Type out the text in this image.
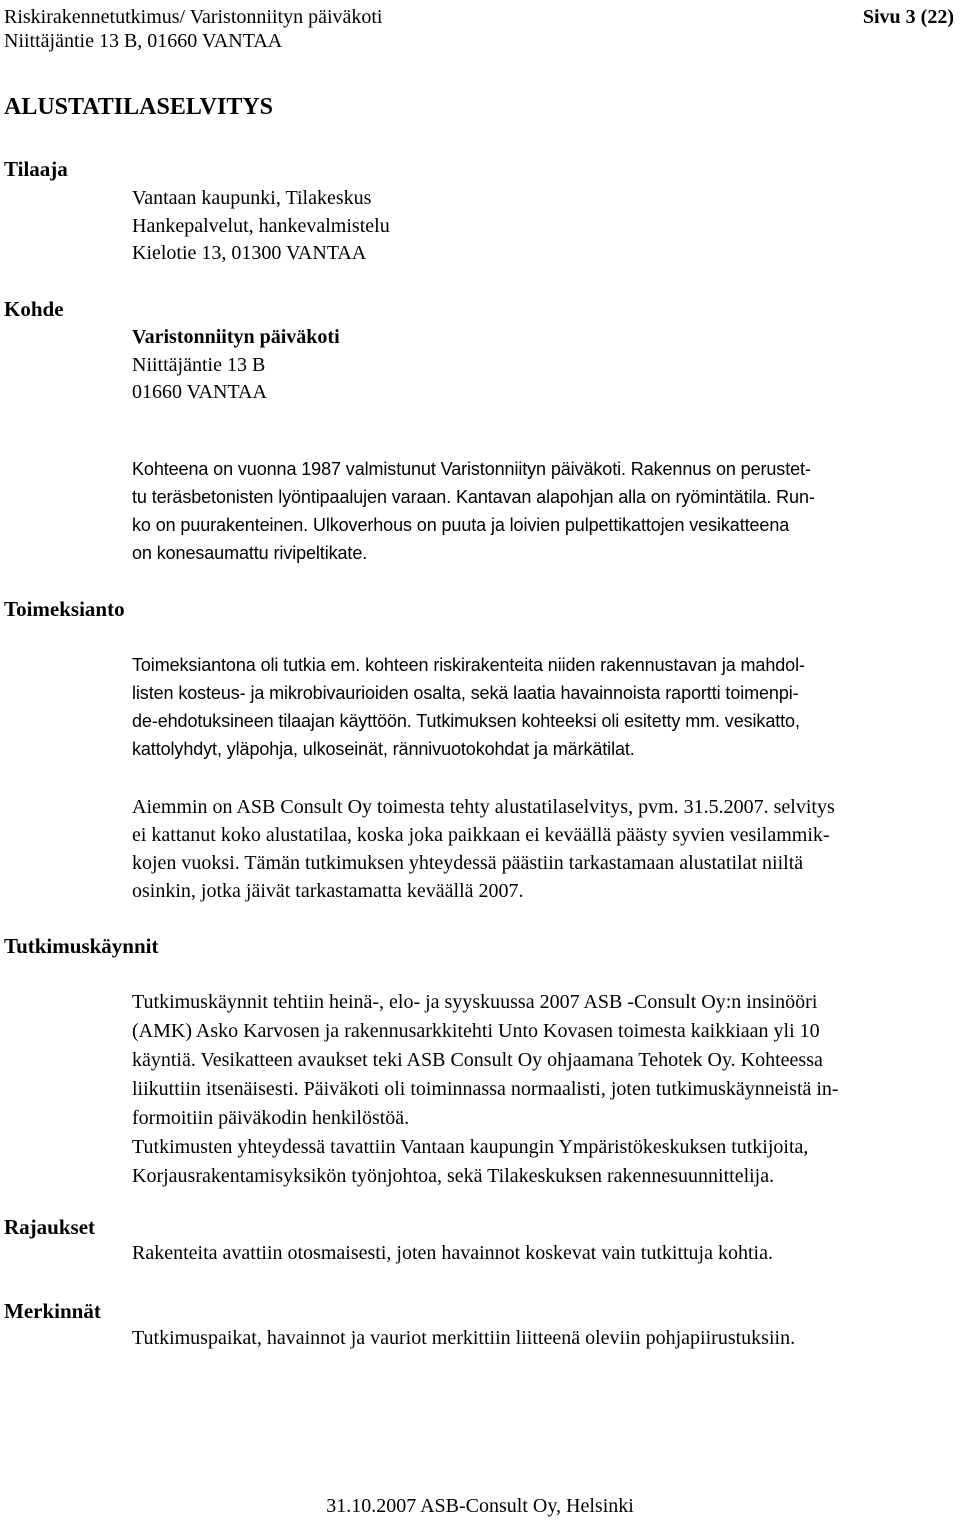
Riskirakennetutkimus/ Varistonniityn päiväkoti
Niittäjäntie 13 B, 01660 VANTAA
Sivu 3 (22)
ALUSTATILASELVITYS
Tilaaja
Vantaan kaupunki, Tilakeskus
Hankepalvelut, hankevalmistelu
Kielotie 13, 01300 VANTAA
Kohde
Varistonniityn päiväkoti
Niittäjäntie 13 B
01660 VANTAA
Kohteena on vuonna 1987 valmistunut Varistonniityn päiväkoti. Rakennus on perustet-
tu teräsbetonisten lyöntipaalujen varaan. Kantavan alapohjan alla on ryömintätila. Run-
ko on puurakenteinen. Ulkoverhous on puuta ja loivien pulpettikattojen vesikatteena
on konesaumattu rivipeltikate.
Toimeksianto
Toimeksiantona oli tutkia em. kohteen riskirakenteita niiden rakennustavan ja mahdol-
listen kosteus- ja mikrobivaurioiden osalta, sekä laatia havainnoista raportti toimenpi-
de-ehdotuksineen tilaajan käyttöön. Tutkimuksen kohteeksi oli esitetty mm. vesikatto,
kattolyhdyt, yläpohja, ulkoseinät, rännivuotokohdat ja märkätilat.
Aiemmin on ASB Consult Oy toimesta tehty alustatilaselvitys, pvm. 31.5.2007. selvitys
ei kattanut koko alustatilaa, koska joka paikkaan ei keväällä päästy syvien vesilammik-
kojen vuoksi. Tämän tutkimuksen yhteydessä päästiin tarkastamaan alustatilat niiltä
osinkin, jotka jäivät tarkastamatta keväällä 2007.
Tutkimuskäynnit
Tutkimuskäynnit tehtiin heinä-, elo- ja syyskuussa 2007 ASB -Consult Oy:n insinööri
(AMK) Asko Karvosen ja rakennusarkkitehti Unto Kovasen toimesta kaikkiaan yli 10
käyntiä. Vesikatteen avaukset teki ASB Consult Oy ohjaamana Tehotek Oy. Kohteessa
liikuttiin itsenäisesti. Päiväkoti oli toiminnassa normaalisti, joten tutkimuskäynneistä in-
formoitiin päiväkodin henkilöstöä.
Tutkimusten yhteydessä tavattiin Vantaan kaupungin Ympäristökeskuksen tutkijoita,
Korjausrakentamisyksikön työnjohtoa, sekä Tilakeskuksen rakennesuunnittelija.
Rajaukset
Rakenteita avattiin otosmaisesti, joten havainnot koskevat vain tutkittuja kohtia.
Merkinnät
Tutkimuspaikat, havainnot ja vauriot merkittiin liitteenä oleviin pohjapiirustuksiin.
31.10.2007 ASB-Consult Oy, Helsinki
